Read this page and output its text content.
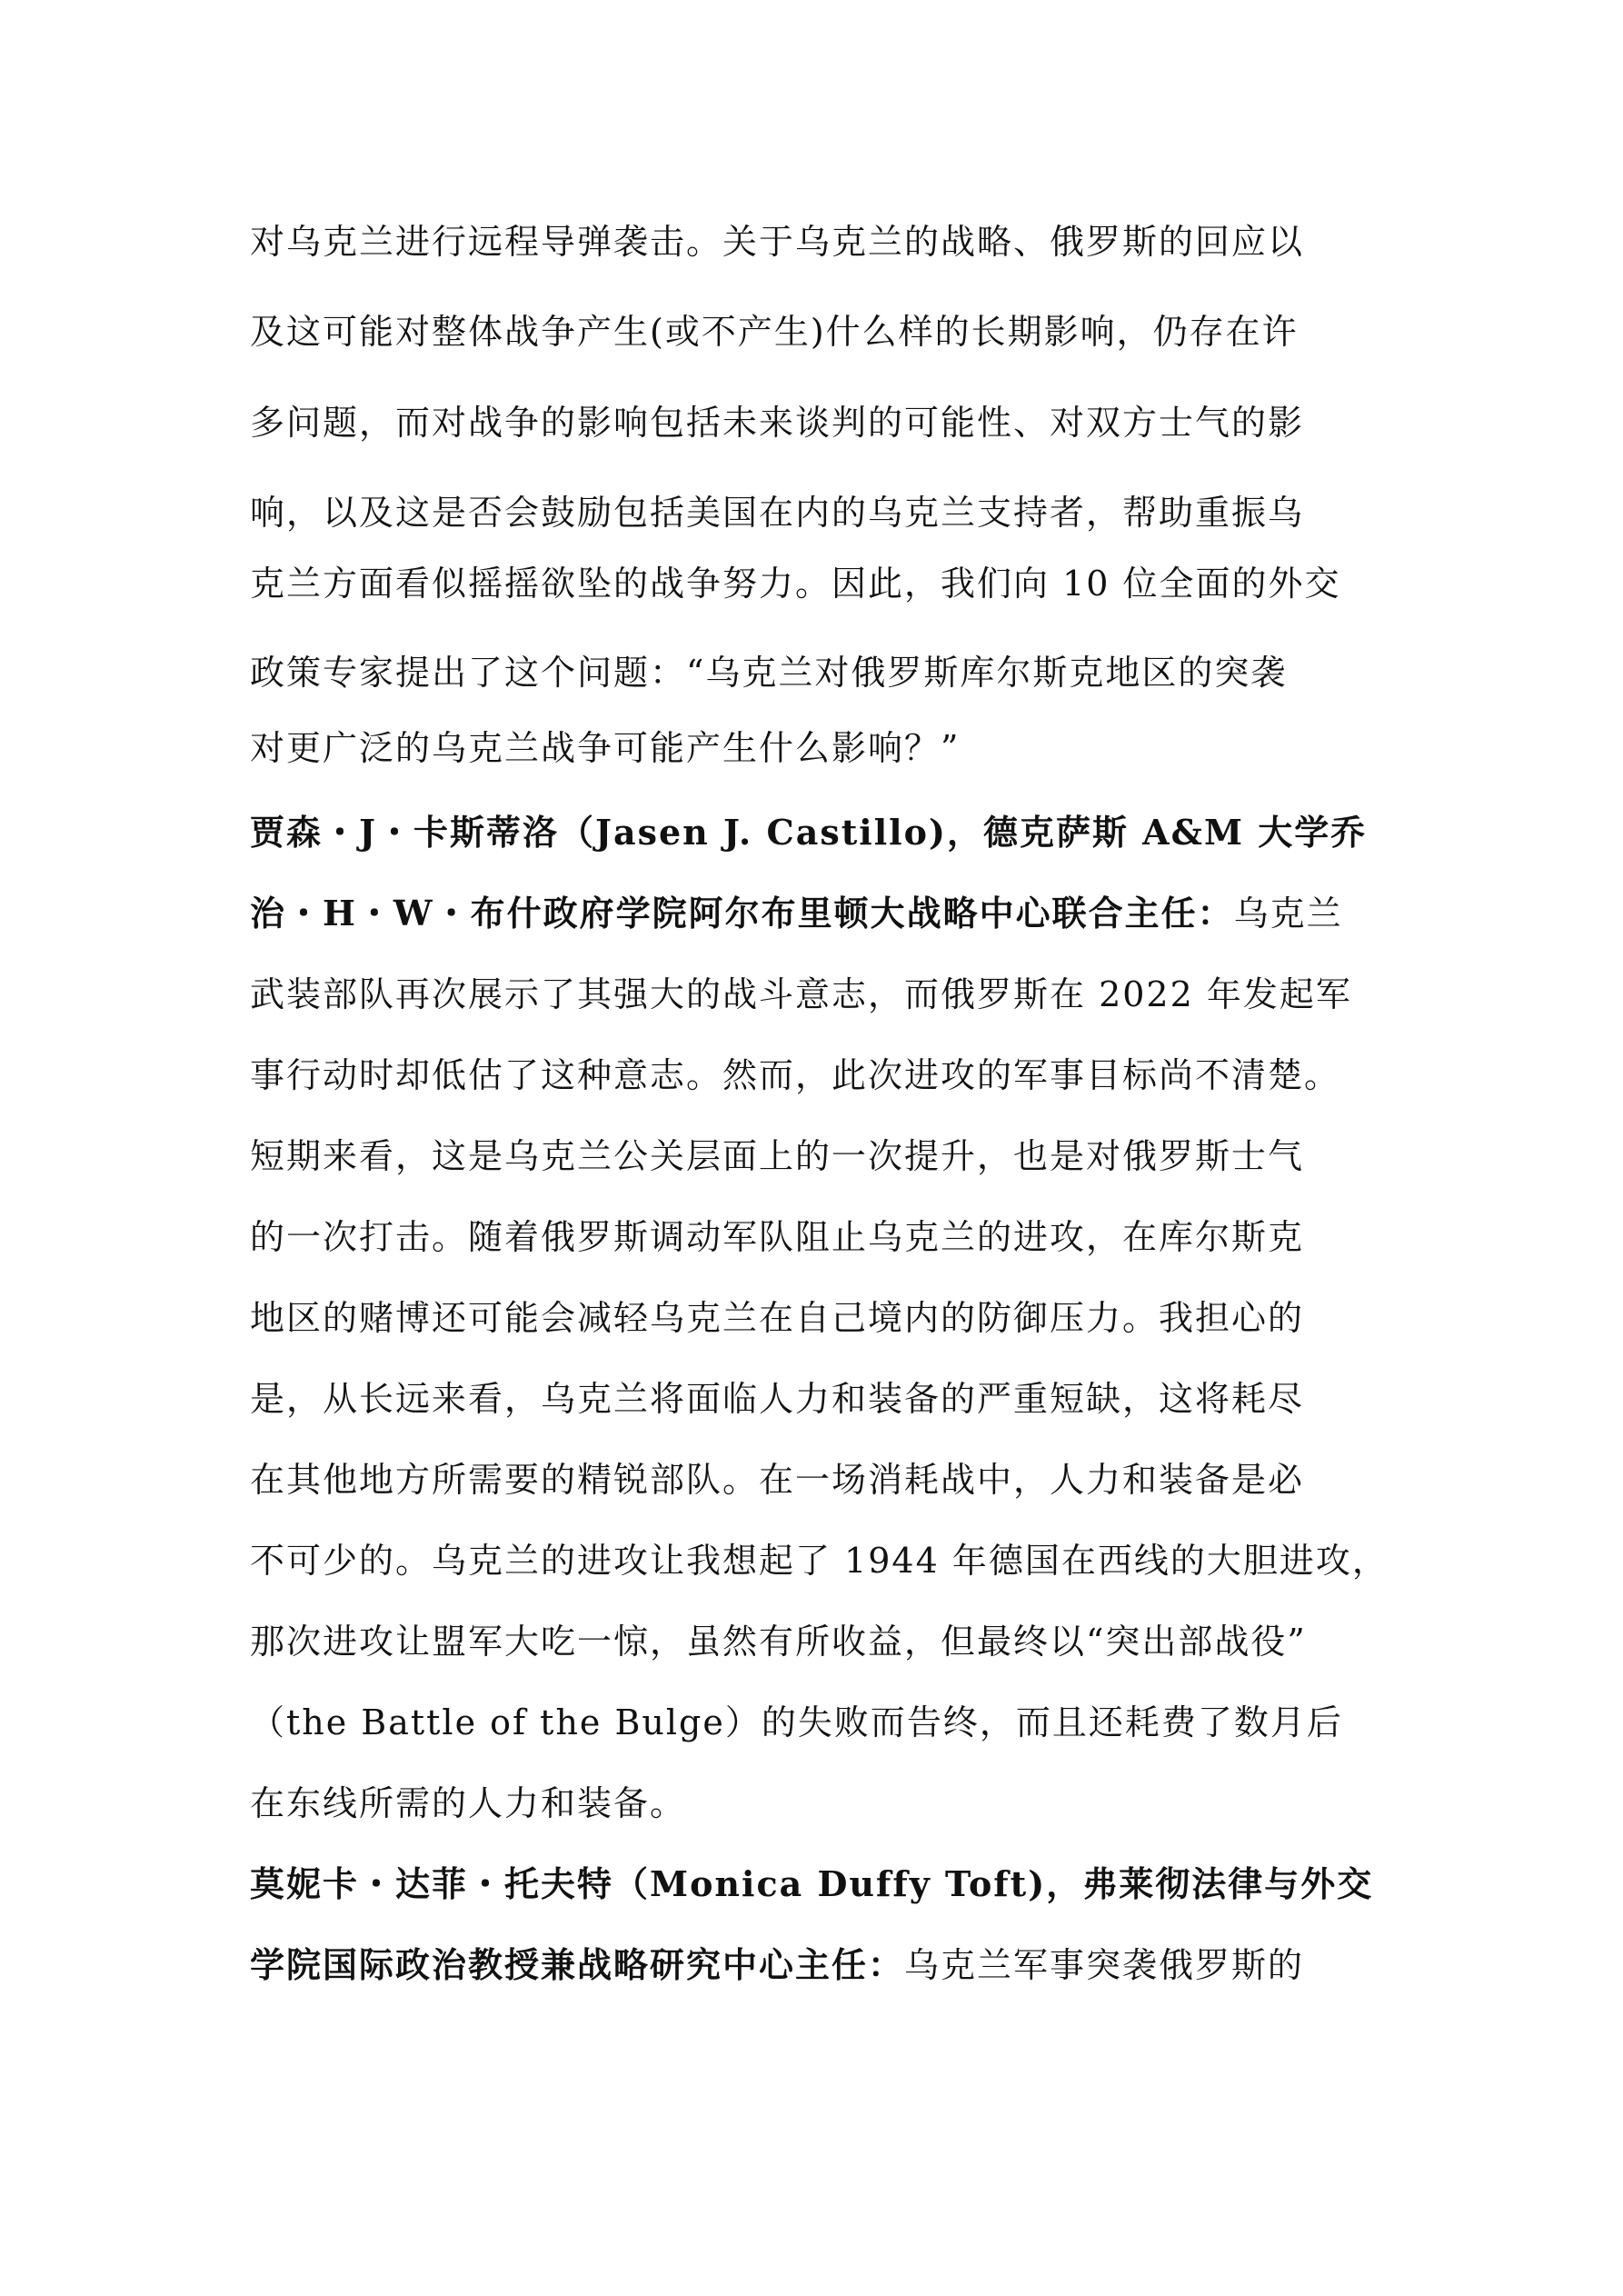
对乌克兰进行远程导弹袭击。关于乌克兰的战略、俄罗斯的回应以
及这可能对整体战争产生(或不产生)什么样的长期影响，仍存在许
多问题，而对战争的影响包括未来谈判的可能性、对双方士气的影
响，以及这是否会鼓励包括美国在内的乌克兰支持者，帮助重振乌
克兰方面看似摇摇欲坠的战争努力。因此，我们向 10 位全面的外交
政策专家提出了这个问题：“乌克兰对俄罗斯库尔斯克地区的突袭
对更广泛的乌克兰战争可能产生什么影响？”
贾森・J・卡斯蒂洛（Jasen J. Castillo)，德克萨斯 A&M 大学乔
治・H・W・布什政府学院阿尔布里顿大战略中心联合主任：乌克兰
武装部队再次展示了其强大的战斗意志，而俄罗斯在 2022 年发起军
事行动时却低估了这种意志。然而，此次进攻的军事目标尚不清楚。
短期来看，这是乌克兰公关层面上的一次提升，也是对俄罗斯士气
的一次打击。随着俄罗斯调动军队阻止乌克兰的进攻，在库尔斯克
地区的赌博还可能会减轻乌克兰在自己境内的防御压力。我担心的
是，从长远来看，乌克兰将面临人力和装备的严重短缺，这将耗尽
在其他地方所需要的精锐部队。在一场消耗战中，人力和装备是必
不可少的。乌克兰的进攻让我想起了 1944 年德国在西线的大胆进攻，
那次进攻让盟军大吃一惊，虽然有所收益，但最终以“突出部战役”
（the Battle of the Bulge）的失败而告终，而且还耗费了数月后
在东线所需的人力和装备。
莫妮卡・达菲・托夫特（Monica Duffy Toft)，弗莱彻法律与外交
学院国际政治教授兼战略研究中心主任：乌克兰军事突袭俄罗斯的
